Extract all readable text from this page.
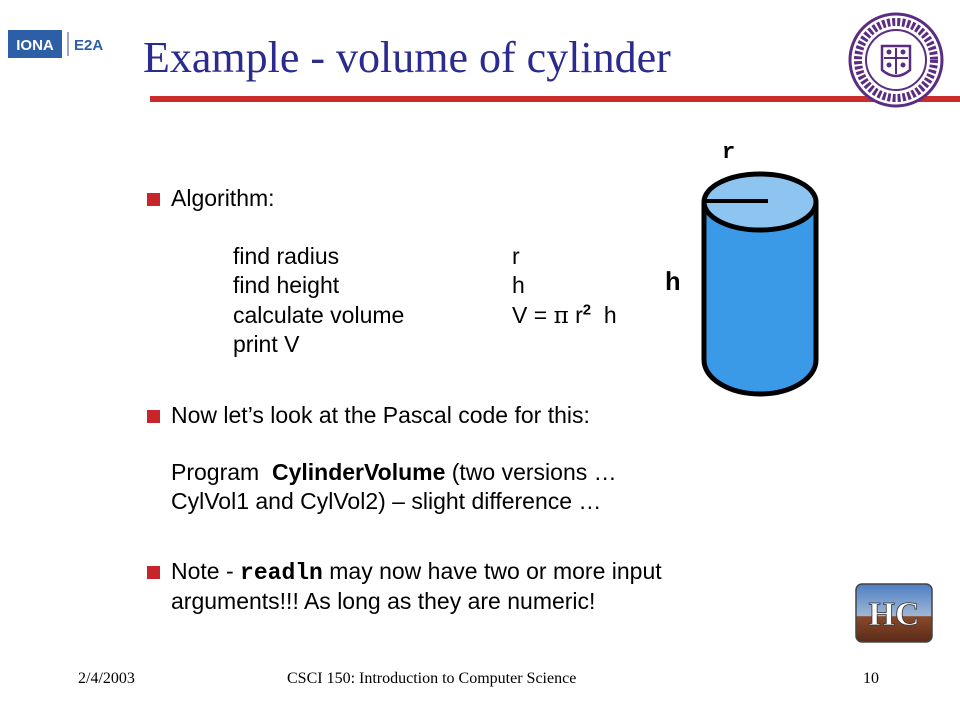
IONA E2A Example - volume of cylinder
Algorithm:
find radius	r
find height	h
calculate volume	V = π $r^2$  h
print V
Now let’s look at the Pascal code for this:
Program  CylinderVolume (two versions …
CylVol1 and CylVol2) – slight difference …
Note - readln may now have two or more input
arguments!!! As long as they are numeric!
r
h
HC
2/4/2003	CSCI 150: Introduction to Computer Science	10
